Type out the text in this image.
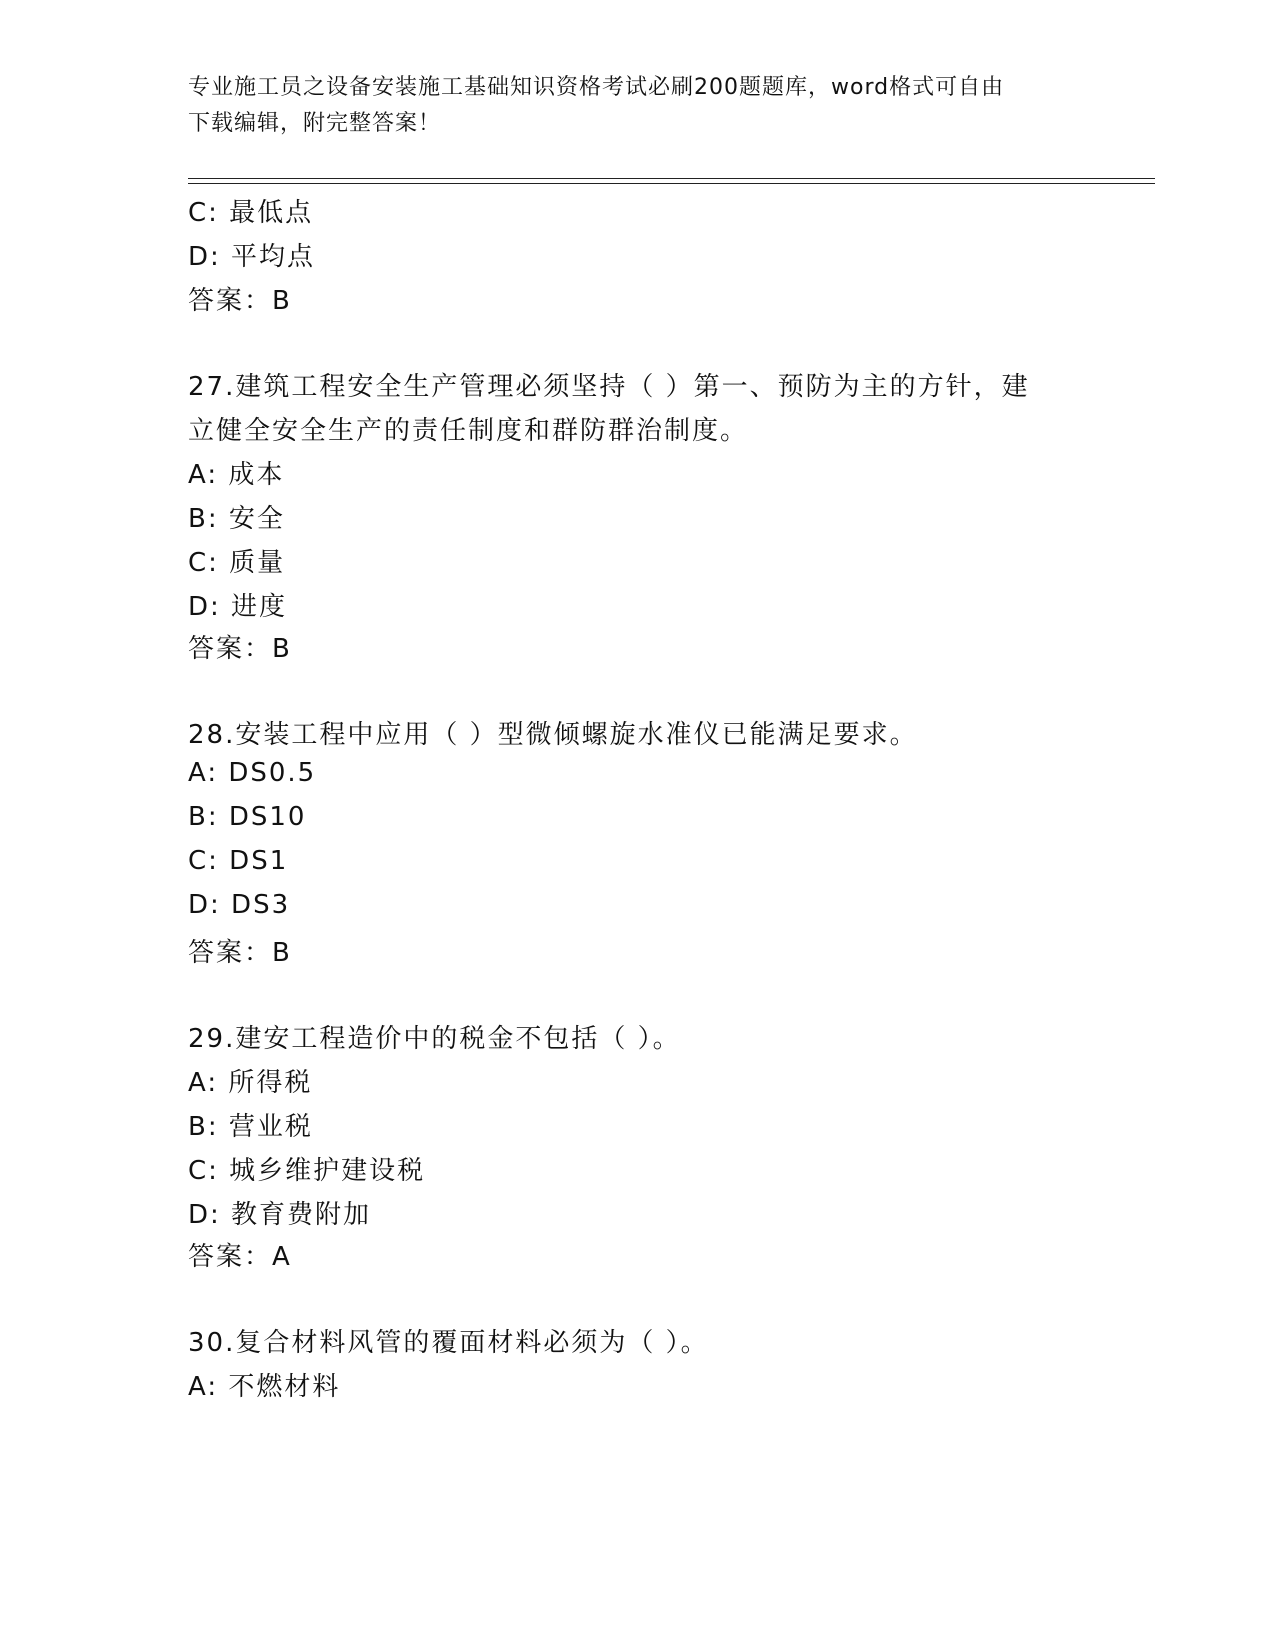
专业施工员之设备安装施工基础知识资格考试必刷200题题库，word格式可自由
下载编辑，附完整答案！
C: 最低点
D: 平均点
答案：B
27.建筑工程安全生产管理必须坚持（ ）第一、预防为主的方针，建
立健全安全生产的责任制度和群防群治制度。
A: 成本
B: 安全
C: 质量
D: 进度
答案：B
28.安装工程中应用（ ）型微倾螺旋水准仪已能满足要求。
A: DS0.5
B: DS10
C: DS1
D: DS3
答案：B
29.建安工程造价中的税金不包括（ ）。
A: 所得税
B: 营业税
C: 城乡维护建设税
D: 教育费附加
答案：A
30.复合材料风管的覆面材料必须为（ ）。
A: 不燃材料
